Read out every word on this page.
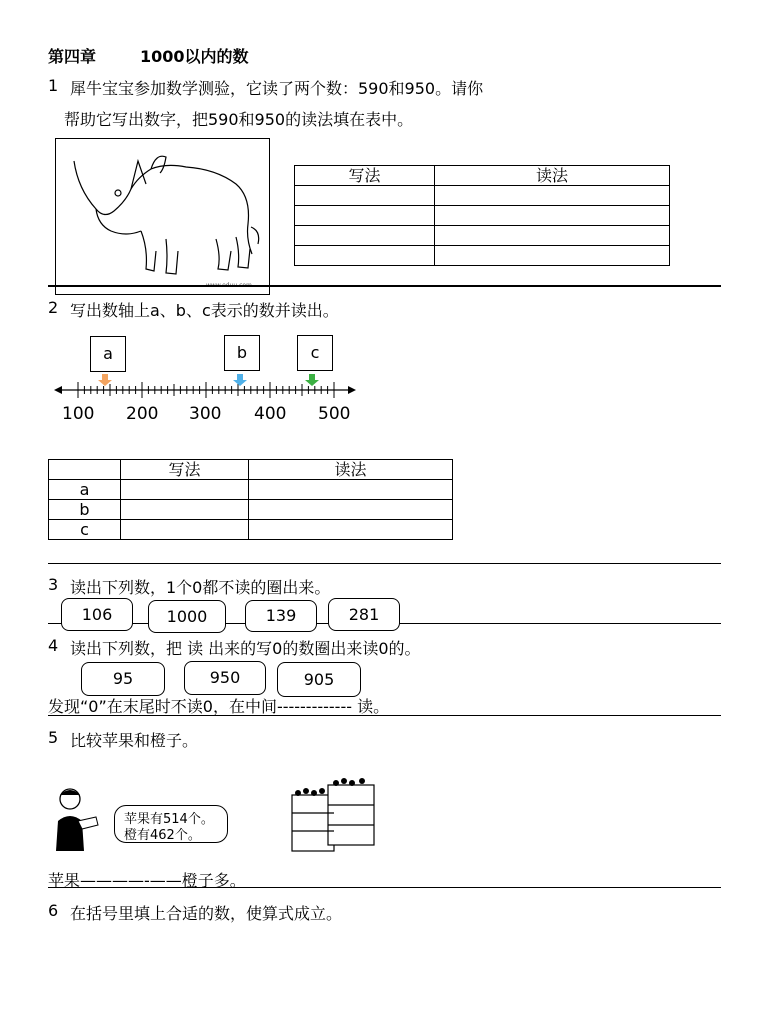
第四章	1000以内的数
1 犀牛宝宝参加数学测验，它读了两个数：590和950。请你
帮助它写出数字，把590和950的读法填在表中。
www.eduu.com
写法	读法

2 写出数轴上a、b、c表示的数并读出。
a	b	c
100 200 300 400 500
	写法	读法
a		
b		
c		
3 读出下列数，1个0都不读的圈出来。
106	1000	139	281
4 读出下列数，把 读 出来的写0的数圈出来读0的。
95	950	905
发现“0”在末尾时不读0，在中间------------- 读。
5 比较苹果和橙子。
苹果有514个。
橙有462个。
苹果————-——橙子多。
6 在括号里填上合适的数，使算式成立。
